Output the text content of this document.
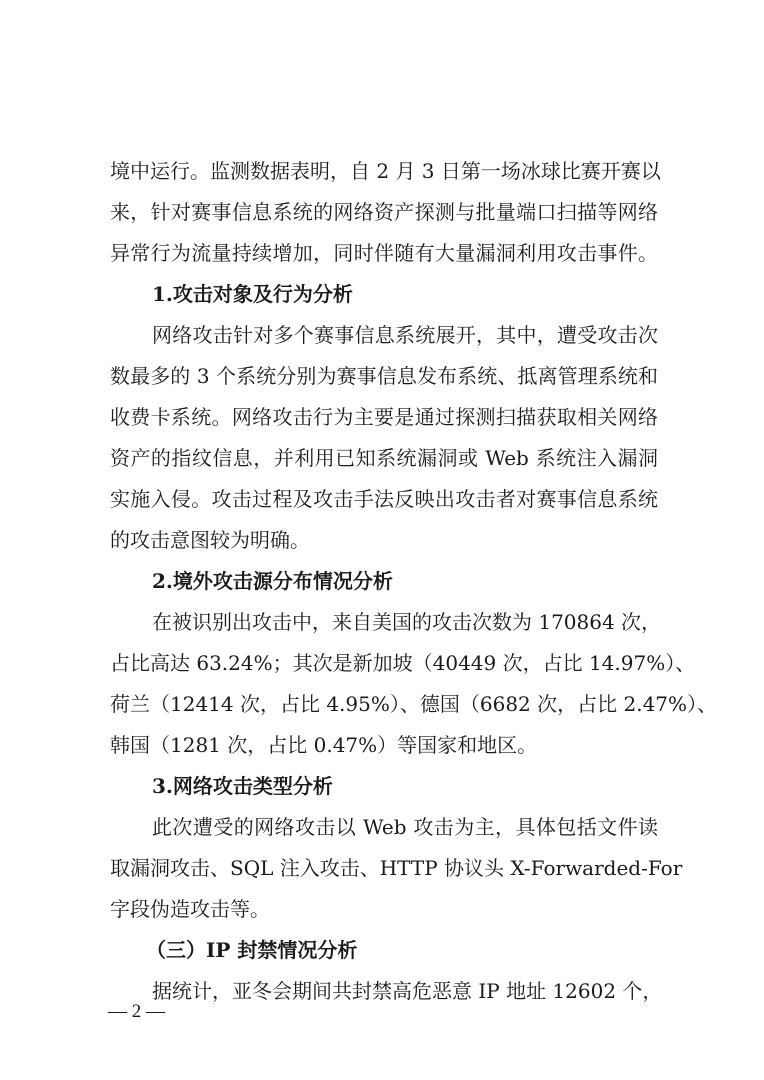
境中运行。监测数据表明，自 2 月 3 日第一场冰球比赛开赛以
来，针对赛事信息系统的网络资产探测与批量端口扫描等网络
异常行为流量持续增加，同时伴随有大量漏洞利用攻击事件。
1.攻击对象及行为分析
网络攻击针对多个赛事信息系统展开，其中，遭受攻击次
数最多的 3 个系统分别为赛事信息发布系统、抵离管理系统和
收费卡系统。网络攻击行为主要是通过探测扫描获取相关网络
资产的指纹信息，并利用已知系统漏洞或 Web 系统注入漏洞
实施入侵。攻击过程及攻击手法反映出攻击者对赛事信息系统
的攻击意图较为明确。
2.境外攻击源分布情况分析
在被识别出攻击中，来自美国的攻击次数为 170864 次，
占比高达 63.24%；其次是新加坡（40449 次，占比 14.97%）、
荷兰（12414 次，占比 4.95%）、德国（6682 次，占比 2.47%）、
韩国（1281 次，占比 0.47%）等国家和地区。
3.网络攻击类型分析
此次遭受的网络攻击以 Web 攻击为主，具体包括文件读
取漏洞攻击、SQL 注入攻击、HTTP 协议头 X-Forwarded-For
字段伪造攻击等。
（三）IP 封禁情况分析
据统计，亚冬会期间共封禁高危恶意 IP 地址 12602 个，
— 2 —
